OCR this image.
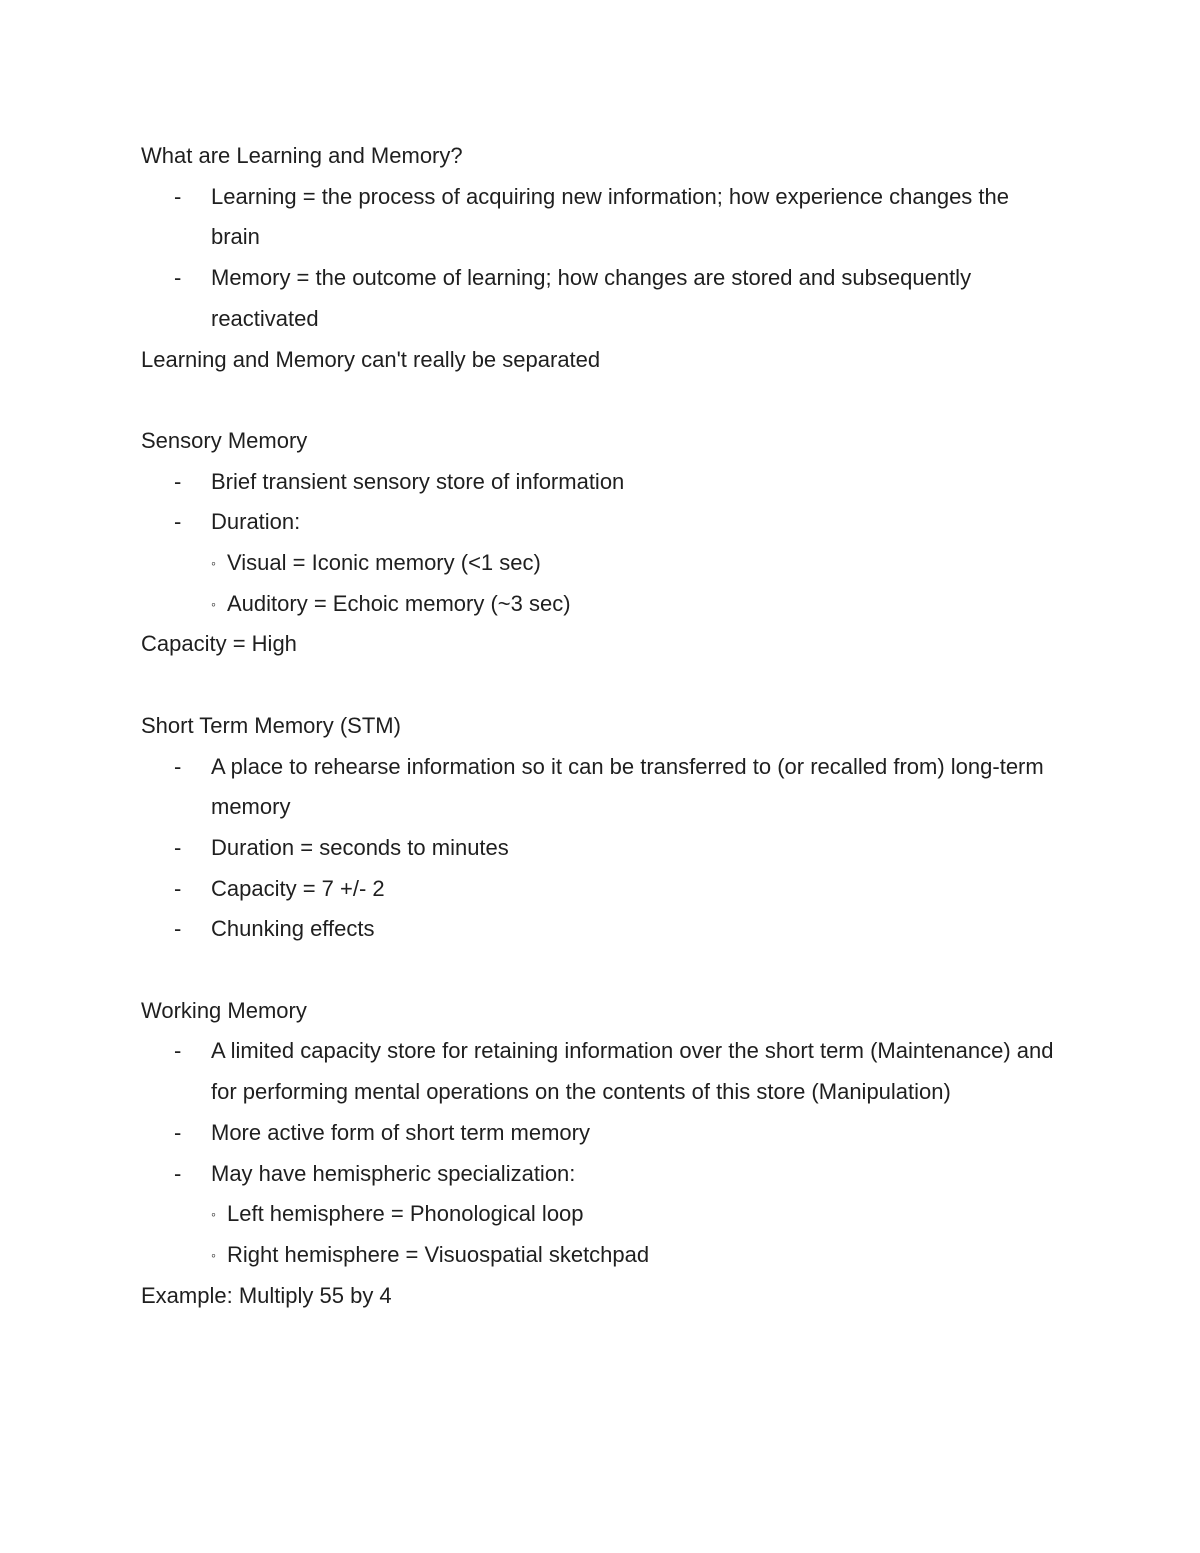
What are Learning and Memory?

- Learning = the process of acquiring new information; how experience changes the brain
- Memory = the outcome of learning; how changes are stored and subsequently reactivated

Learning and Memory can't really be separated

Sensory Memory

- Brief transient sensory store of information
- Duration:
◦ Visual = Iconic memory (<1 sec)
◦ Auditory = Echoic memory (~3 sec)

Capacity = High

Short Term Memory (STM)

- A place to rehearse information so it can be transferred to (or recalled from) long-term memory
- Duration = seconds to minutes
- Capacity = 7 +/- 2
- Chunking effects

Working Memory

- A limited capacity store for retaining information over the short term (Maintenance) and for performing mental operations on the contents of this store (Manipulation)
- More active form of short term memory
- May have hemispheric specialization:
◦ Left hemisphere = Phonological loop
◦ Right hemisphere = Visuospatial sketchpad

Example: Multiply 55 by 4
